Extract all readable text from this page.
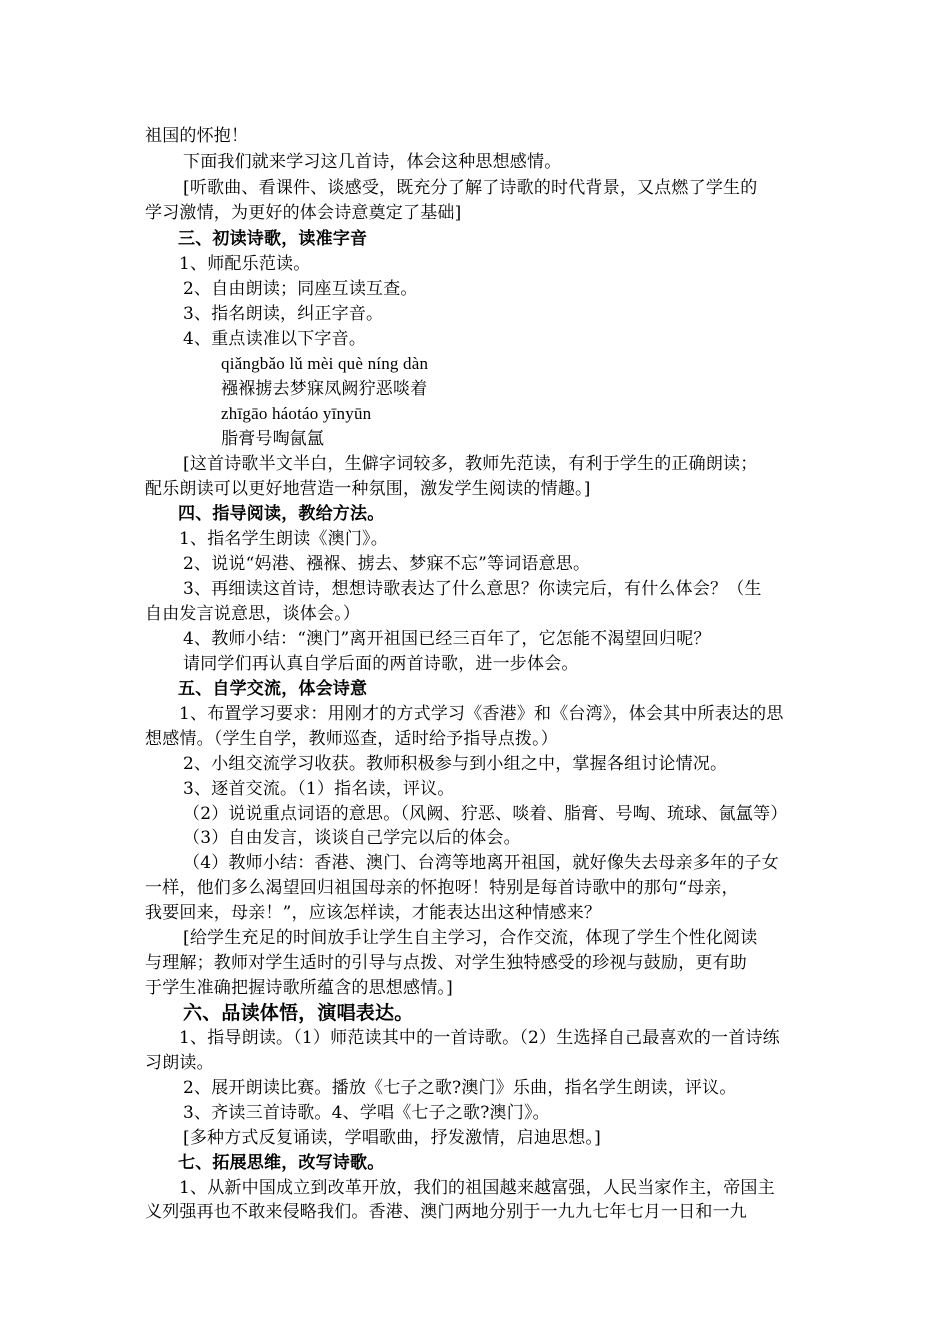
祖国的怀抱！
下面我们就来学习这几首诗，体会这种思想感情。
[听歌曲、看课件、谈感受，既充分了解了诗歌的时代背景，又点燃了学生的
学习激情，为更好的体会诗意奠定了基础]
三、初读诗歌，读准字音
1、师配乐范读。
2、自由朗读；同座互读互查。
3、指名朗读，纠正字音。
4、重点读准以下字音。
qiǎngbǎo lǔ mèi què níng dàn
襁褓掳去梦寐凤阙狞恶啖着
zhīgāo háotáo yīnyūn
脂膏号啕氤氲
[这首诗歌半文半白，生僻字词较多，教师先范读，有利于学生的正确朗读；
配乐朗读可以更好地营造一种氛围，激发学生阅读的情趣。]
四、指导阅读，教给方法。
1、指名学生朗读《澳门》。
2、说说“妈港、襁褓、掳去、梦寐不忘”等词语意思。
3、再细读这首诗，想想诗歌表达了什么意思？你读完后，有什么体会？（生
自由发言说意思，谈体会。）
4、教师小结：“澳门”离开祖国已经三百年了，它怎能不渴望回归呢？
请同学们再认真自学后面的两首诗歌，进一步体会。
五、自学交流，体会诗意
1、布置学习要求：用刚才的方式学习《香港》和《台湾》，体会其中所表达的思
想感情。（学生自学，教师巡查，适时给予指导点拨。）
2、小组交流学习收获。教师积极参与到小组之中，掌握各组讨论情况。
3、逐首交流。（1）指名读，评议。
（2）说说重点词语的意思。（风阙、狞恶、啖着、脂膏、号啕、琉球、氤氲等）
（3）自由发言，谈谈自己学完以后的体会。
（4）教师小结：香港、澳门、台湾等地离开祖国，就好像失去母亲多年的子女
一样，他们多么渴望回归祖国母亲的怀抱呀！特别是每首诗歌中的那句“母亲，
我要回来，母亲！”，应该怎样读，才能表达出这种情感来？
[给学生充足的时间放手让学生自主学习，合作交流，体现了学生个性化阅读
与理解；教师对学生适时的引导与点拨、对学生独特感受的珍视与鼓励，更有助
于学生准确把握诗歌所蕴含的思想感情。]
六、品读体悟，演唱表达。
1、指导朗读。（1）师范读其中的一首诗歌。（2）生选择自己最喜欢的一首诗练
习朗读。
2、展开朗读比赛。播放《七子之歌?澳门》乐曲，指名学生朗读，评议。
3、齐读三首诗歌。4、学唱《七子之歌?澳门》。
[多种方式反复诵读，学唱歌曲，抒发激情，启迪思想。]
七、拓展思维，改写诗歌。
1、从新中国成立到改革开放，我们的祖国越来越富强，人民当家作主，帝国主
义列强再也不敢来侵略我们。香港、澳门两地分别于一九九七年七月一日和一九
